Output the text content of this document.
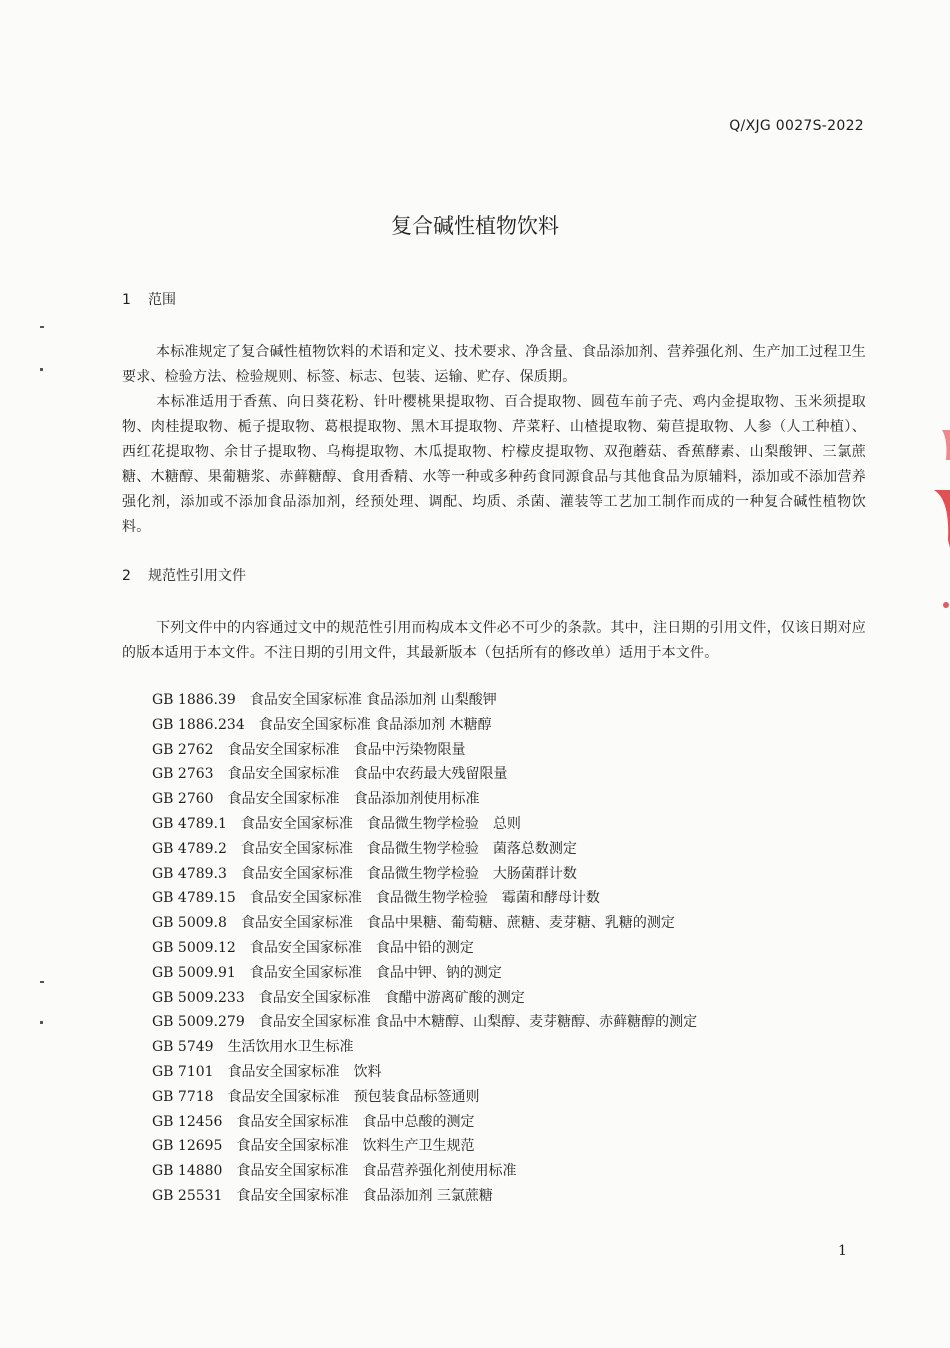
Q/XJG 0027S-2022
复合碱性植物饮料
1 范围
本标准规定了复合碱性植物饮料的术语和定义、技术要求、净含量、食品添加剂、营养强化剂、生产加工过程卫生要求、检验方法、检验规则、标签、标志、包装、运输、贮存、保质期。
本标准适用于香蕉、向日葵花粉、针叶樱桃果提取物、百合提取物、圆苞车前子壳、鸡内金提取物、玉米须提取物、肉桂提取物、栀子提取物、葛根提取物、黑木耳提取物、芹菜籽、山楂提取物、菊苣提取物、人参（人工种植）、西红花提取物、余甘子提取物、乌梅提取物、木瓜提取物、柠檬皮提取物、双孢蘑菇、香蕉酵素、山梨酸钾、三氯蔗糖、木糖醇、果葡糖浆、赤藓糖醇、食用香精、水等一种或多种药食同源食品与其他食品为原辅料，添加或不添加营养强化剂，添加或不添加食品添加剂，经预处理、调配、均质、杀菌、灌装等工艺加工制作而成的一种复合碱性植物饮料。
2 规范性引用文件
下列文件中的内容通过文中的规范性引用而构成本文件必不可少的条款。其中，注日期的引用文件，仅该日期对应的版本适用于本文件。不注日期的引用文件，其最新版本（包括所有的修改单）适用于本文件。
GB 1886.39 食品安全国家标准 食品添加剂 山梨酸钾
GB 1886.234 食品安全国家标准 食品添加剂 木糖醇
GB 2762 食品安全国家标准 食品中污染物限量
GB 2763 食品安全国家标准 食品中农药最大残留限量
GB 2760 食品安全国家标准 食品添加剂使用标准
GB 4789.1 食品安全国家标准 食品微生物学检验 总则
GB 4789.2 食品安全国家标准 食品微生物学检验 菌落总数测定
GB 4789.3 食品安全国家标准 食品微生物学检验 大肠菌群计数
GB 4789.15 食品安全国家标准 食品微生物学检验 霉菌和酵母计数
GB 5009.8 食品安全国家标准 食品中果糖、葡萄糖、蔗糖、麦芽糖、乳糖的测定
GB 5009.12 食品安全国家标准 食品中铅的测定
GB 5009.91 食品安全国家标准 食品中钾、钠的测定
GB 5009.233 食品安全国家标准 食醋中游离矿酸的测定
GB 5009.279 食品安全国家标准 食品中木糖醇、山梨醇、麦芽糖醇、赤藓糖醇的测定
GB 5749 生活饮用水卫生标准
GB 7101 食品安全国家标准 饮料
GB 7718 食品安全国家标准 预包装食品标签通则
GB 12456 食品安全国家标准 食品中总酸的测定
GB 12695 食品安全国家标准 饮料生产卫生规范
GB 14880 食品安全国家标准 食品营养强化剂使用标准
GB 25531 食品安全国家标准 食品添加剂 三氯蔗糖
1
